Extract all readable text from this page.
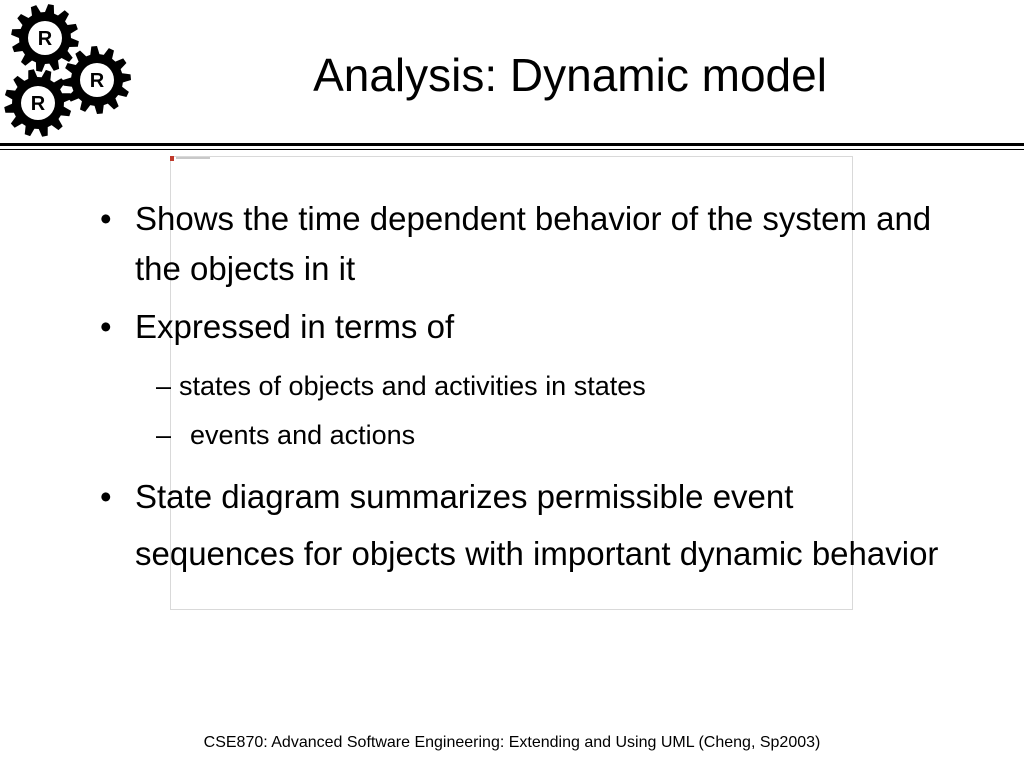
R
R
R
Analysis: Dynamic model
• Shows the time dependent behavior of the system and the objects in it
• Expressed in terms of
– states of objects and activities in states
– events and actions
• State diagram summarizes permissible event sequences for objects with important dynamic behavior
CSE870: Advanced Software Engineering: Extending and Using UML (Cheng, Sp2003)
